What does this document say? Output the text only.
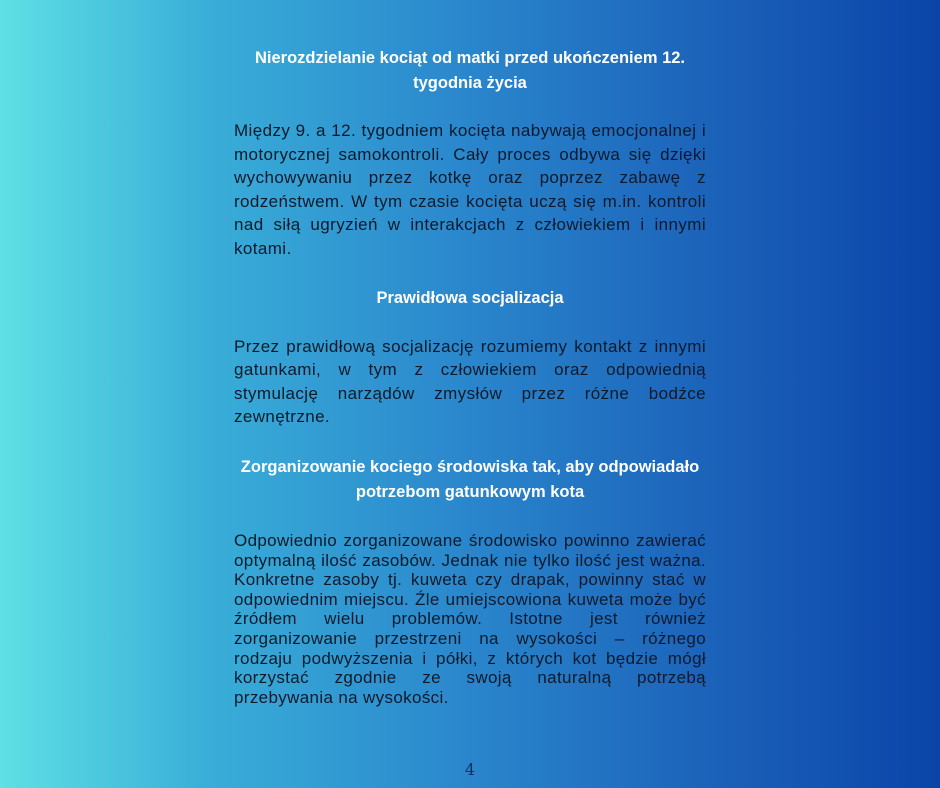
Nierozdzielanie kociąt od matki przed ukończeniem 12. tygodnia życia

Między 9. a 12. tygodniem kocięta nabywają emocjonalnej i motorycznej samokontroli. Cały proces odbywa się dzięki wychowywaniu przez kotkę oraz poprzez zabawę z rodzeństwem. W tym czasie kocięta uczą się m.in. kontroli nad siłą ugryzień w interakcjach z człowiekiem i innymi kotami.

Prawidłowa socjalizacja

Przez prawidłową socjalizację rozumiemy kontakt z innymi gatunkami, w tym z człowiekiem oraz odpowiednią stymulację narządów zmysłów przez różne bodźce zewnętrzne.

Zorganizowanie kociego środowiska tak, aby odpowiadało potrzebom gatunkowym kota

Odpowiednio zorganizowane środowisko powinno zawierać optymalną ilość zasobów. Jednak nie tylko ilość jest ważna. Konkretne zasoby tj. kuweta czy drapak, powinny stać w odpowiednim miejscu. Źle umiejscowiona kuweta może być źródłem wielu problemów. Istotne jest również zorganizowanie przestrzeni na wysokości – różnego rodzaju podwyższenia i półki, z których kot będzie mógł korzystać zgodnie ze swoją naturalną potrzebą przebywania na wysokości.

4
